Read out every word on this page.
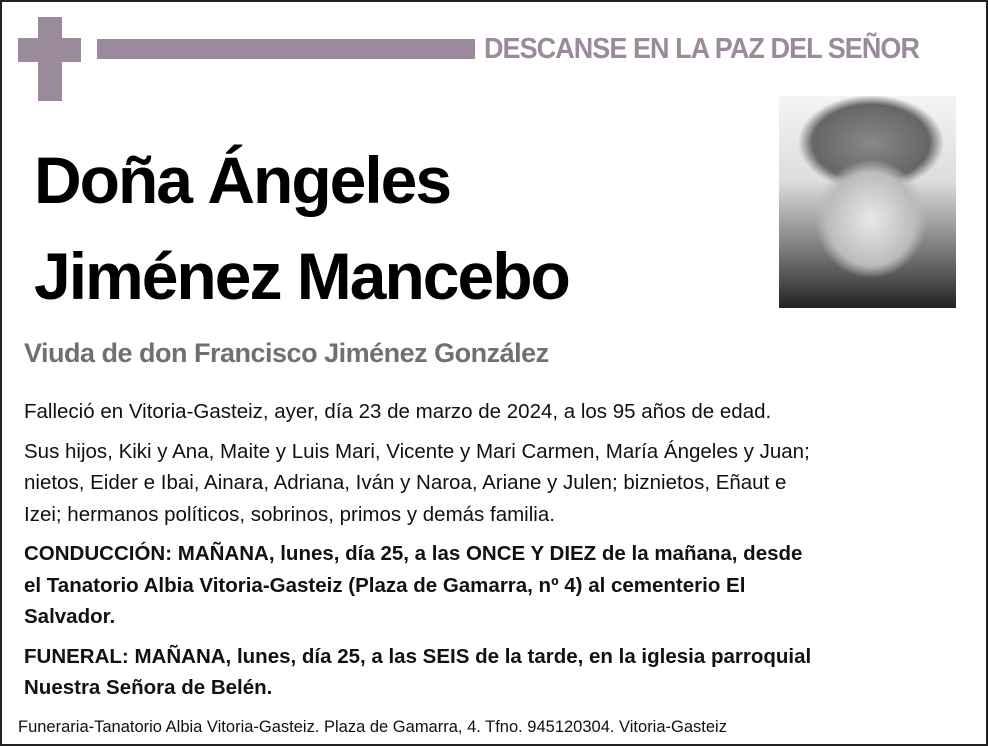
DESCANSE EN LA PAZ DEL SEÑOR
Doña Ángeles
Jiménez Mancebo
Viuda de don Francisco Jiménez González

Falleció en Vitoria-Gasteiz, ayer, día 23 de marzo de 2024, a los 95 años de edad.

Sus hijos, Kiki y Ana, Maite y Luis Mari, Vicente y Mari Carmen, María Ángeles y Juan;
nietos, Eider e Ibai, Ainara, Adriana, Iván y Naroa, Ariane y Julen; biznietos, Eñaut e
Izei; hermanos políticos, sobrinos, primos y demás familia.

CONDUCCIÓN: MAÑANA, lunes, día 25, a las ONCE Y DIEZ de la mañana, desde
el Tanatorio Albia Vitoria-Gasteiz (Plaza de Gamarra, nº 4) al cementerio El
Salvador.

FUNERAL: MAÑANA, lunes, día 25, a las SEIS de la tarde, en la iglesia parroquial
Nuestra Señora de Belén.

Funeraria-Tanatorio Albia Vitoria-Gasteiz. Plaza de Gamarra, 4. Tfno. 945120304. Vitoria-Gasteiz
